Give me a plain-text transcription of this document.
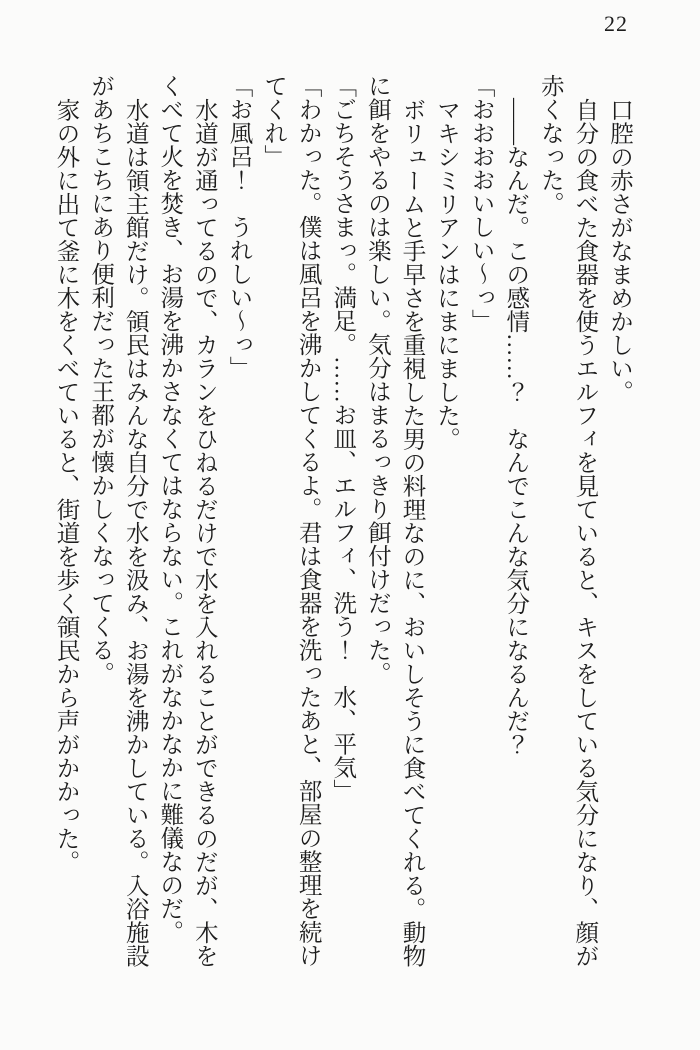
22

口腔の赤さがなまめかしい。

自分の食べた食器を使うエルフィを見ていると、キスをしている気分になり、顔が

赤くなった。

――なんだ。この感情……？　なんでこんな気分になるんだ？

「おおおおいしい～っ」

マキシミリアンはにまにました。

ボリュームと手早さを重視した男の料理なのに、おいしそうに食べてくれる。動物

に餌をやるのは楽しい。気分はまるっきり餌付けだった。

「ごちそうさまっ。満足。……お皿、エルフィ、洗う！　水、平気」

「わかった。僕は風呂を沸かしてくるよ。君は食器を洗ったあと、部屋の整理を続け

てくれ」

「お風呂！　うれしい～っ」

水道が通ってるので、カランをひねるだけで水を入れることができるのだが、木を

くべて火を焚き、お湯を沸かさなくてはならない。これがなかなかに難儀なのだ。

水道は領主館だけ。領民はみんな自分で水を汲み、お湯を沸かしている。入浴施設

があちこちにあり便利だった王都が懐かしくなってくる。

家の外に出て釜に木をくべていると、街道を歩く領民から声がかかった。
